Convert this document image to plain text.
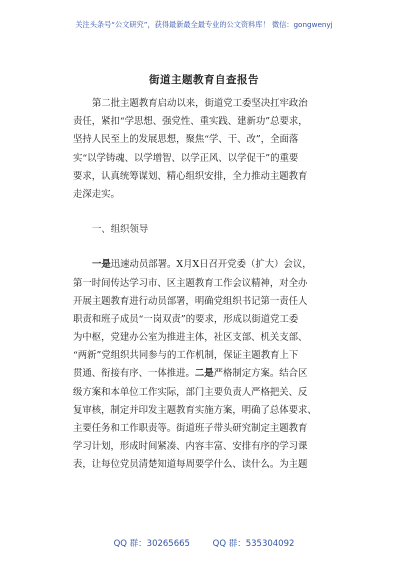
关注头条号“公文研究”，获得最新最全最专业的公文资料库！ 微信：gongwenyj
街道主题教育自查报告
第二批主题教育启动以来，街道党工委坚决扛牢政治
责任，紧扣“学思想、强党性、重实践、建新功”总要求，
坚持人民至上的发展思想，聚焦“学、干、改”，全面落
实“以学铸魂、以学增智、以学正风、以学促干”的重要
要求，认真统筹谋划、精心组织安排，全力推动主题教育
走深走实。
一、组织领导
一是迅速动员部署。X月X日召开党委（扩大）会议，
第一时间传达学习市、区主题教育工作会议精神，对全办
开展主题教育进行动员部署，明确党组织书记第一责任人
职责和班子成员“一岗双责”的要求，形成以街道党工委
为中枢，党建办公室为推进主体，社区支部、机关支部、
“两新”党组织共同参与的工作机制，保证主题教育上下
贯通、衔接有序、一体推进。二是严格制定方案。结合区
级方案和本单位工作实际，部门主要负责人严格把关、反
复审核，制定并印发主题教育实施方案，明确了总体要求、
主要任务和工作职责等。街道班子带头研究制定主题教育
学习计划，形成时间紧凑、内容丰富、安排有序的学习课
表，让每位党员清楚知道每周要学什么、读什么。为主题
QQ 群：30265665	QQ 群：535304092
